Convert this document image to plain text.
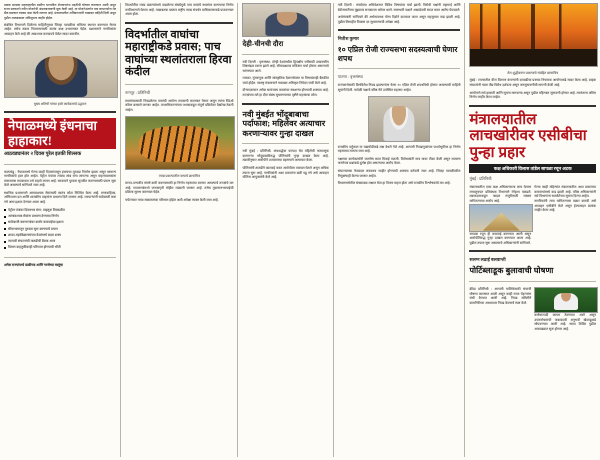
ठळक बातम्या महाराष्ट्रातील ग्रामीण भागातील शेतकऱ्यांना मदतीची घोषणा करण्यात आली असून राज्य सरकारने नवीन योजनेची अंमलबजावणी सुरू केली आहे. या योजनेअंतर्गत पात्र लाभार्थ्यांना थेट बँक खात्यात रक्कम जमा केली जाणार आहे. मंत्रालयातील अधिकाऱ्यांनी याबाबत माहिती दिली असून पुढील आठवड्यात अधिसूचना जाहीर होईल.
संबंधित विभागाने दिलेल्या माहितीनुसार जिल्हा पातळीवर समित्या स्थापन करण्यात येणार आहेत. तसेच तक्रार निवारणासाठी स्वतंत्र कक्ष उभारण्यात येईल. प्रशासनाने नागरिकांना आवाहन केले आहे की आवश्यक कागदपत्रे वेळेत सादर करावीत.
मुख्य अतिथी यांच्या हस्ते कार्यक्रमाचे उद्घाटन
नेपाळमध्ये इंधनाचा हाहाकार!
आठवड्यानंतर २ दिवस पुरेल इतकी शिल्लक
काठमांडू : नेपाळमध्ये गेल्या काही दिवसांपासून इंधनाचा तुटवडा निर्माण झाला असून सामान्य नागरिकांचे हाल होत आहेत. पेट्रोल पंपांवर लांबच लांब रांगा लागल्या असून वाहनचालकांना तासनतास ताटकळत उभे राहावे लागत आहे. सरकारने पुरवठा सुरळीत करण्यासाठी प्रयत्न सुरू केले असल्याचे सांगितले जात आहे.
स्थानिक प्रशासनाने अत्यावश्यक सेवांसाठी स्वतंत्र कोटा निश्चित केला आहे. रुग्णवाहिका, अग्निशमन दल आणि शासकीय वाहनांना प्राधान्य दिले जाणार आहे. व्यापाऱ्यांनी साठेबाजी करू नये असा इशारा देण्यात आला आहे.
पेट्रोल पंपांवर दिवसभर रांगा; वाहतूक विस्कळीत
अत्यावश्यक सेवांना प्राधान्य देण्याचा निर्णय
साठेबाजी करणाऱ्यांवर कठोर कारवाईचा इशारा
सीमाभागातून पुरवठा सुरू करण्याचे प्रयत्न
शाळा-महाविद्यालयांच्या वेळांमध्ये बदल शक्य
व्यापारी संघटनांची तातडीची बैठक आज
विमान वाहतुकीवरही परिणाम होण्याची भीती
अनेक राज्यांमध्ये डाळीच्या आणि गरजेच्या वस्तूंचा
विदर्भातील व्याघ्र प्रकल्पांमध्ये वाढलेल्या संख्येमुळे पाच वाघांचे स्थलांतर करण्याचा निर्णय वनविभागाने घेतला आहे. याबाबतचा प्रस्ताव राष्ट्रीय व्याघ्र संवर्धन प्राधिकरणाकडे पाठवण्यात आला होता.
विदर्भातील वाघांचा महाराष्ट्रीकडे प्रवास; पाच वाघांच्या स्थलांतराला हिरवा कंदील
नागपूर : प्रतिनिधी
स्थलांतरासाठी निवडलेल्या वाघांची आरोग्य तपासणी करण्यात येणार असून त्यांना रेडिओ कॉलर बसवले जाणार आहेत. वनअधिकाऱ्यांच्या पथकाकडून संपूर्ण प्रक्रियेवर देखरेख ठेवली जाईल.
व्याघ्र प्रकल्पातील वाघाचे छायाचित्र
मानव-वन्यजीव संघर्ष कमी करण्यासाठी हा निर्णय महत्त्वाचा ठरणार असल्याचे तज्ज्ञांचे मत आहे. गावकऱ्यांमध्ये जनजागृती मोहीम राबवली जाणार आहे. तसेच नुकसानभरपाईची प्रक्रिया सुलभ करण्यात येईल.
पर्यटनावर याचा सकारात्मक परिणाम होईल अशी अपेक्षा व्यक्त केली जात आहे.
देही-चीनची दौरा
नवी दिल्ली : वृत्तसंस्था. दोन्ही देशांमधील द्विपक्षीय चर्चेसाठी उच्चस्तरीय शिष्टमंडळ रवाना झाले आहे. सीमाप्रश्नावर सविस्तर चर्चा होणार असल्याचे सांगण्यात आले.
व्यापार, गुंतवणूक आणि सांस्कृतिक देवाणघेवाण या विषयांवरही बैठकीत चर्चा होईल. परराष्ट्र मंत्रालयाने याबाबत अधिकृत निवेदन जारी केले आहे.
दौऱ्यादरम्यान अनेक सामंजस्य करारांवर स्वाक्षऱ्या होण्याची शक्यता आहे. तज्ज्ञांच्या मते हा दौरा संबंध सुधारण्याच्या दृष्टीने महत्त्वाचा ठरेल.
नवी मुंबईत भोंदूबाबाचा पर्दाफाश; महिलेवर अत्याचार करणाऱ्यावर गुन्हा दाखल
नवी मुंबई : प्रतिनिधी. अंधश्रद्धेचा फायदा घेत महिलेची फसवणूक करणाऱ्या भोंदूबाबाविरुद्ध पोलिसांनी गुन्हा दाखल केला आहे. तक्रारीनुसार आरोपीने उपचाराच्या बहाण्याने अत्याचार केला.
पोलिसांनी तातडीने कारवाई करत आरोपीला ताब्यात घेतले असून अधिक तपास सुरू आहे. नागरिकांनी अशा प्रकारांना बळी पडू नये असे आवाहन पोलिस आयुक्तांनी केले आहे.
नवी दिल्ली : संसदेच्या अधिवेशनात विविध विषयांवर चर्चा झाली. विरोधी पक्षांनी महागाई आणि बेरोजगारीच्या मुद्द्यावर सरकारला धारेवर धरले. सत्ताधारी पक्षाने आकडेवारी सादर करत आरोप फेटाळले.
अर्थमंत्र्यांनी सांगितले की अर्थव्यवस्था योग्य दिशेने वाटचाल करत असून महसुलात वाढ झाली आहे. पुढील तिमाहीत विकास दर सुधारण्याची अपेक्षा आहे.
नितीश कुमार
१० एप्रिल रोजी राज्यसभा सदस्यत्वाची घेणार शपथ
पाटणा : वृत्तसंस्था
राज्यसभेसाठी बिनविरोध निवड झाल्यानंतर येत्या १० एप्रिल रोजी शपथविधी होणार असल्याची माहिती सूत्रांनी दिली. यावेळी पक्षाचे वरिष्ठ नेते उपस्थित राहणार आहेत.
राजकीय वर्तुळात या घडामोडीकडे लक्ष वेधले गेले आहे. आगामी निवडणुकांच्या पार्श्वभूमीवर हा निर्णय महत्त्वाचा मानला जात आहे.
पक्षाच्या कार्यकर्त्यांनी जल्लोष करत मिठाई वाटली. विरोधकांनी मात्र यावर टीका केली असून सामान्य जनतेच्या प्रश्नांकडे दुर्लक्ष होत असल्याचा आरोप केला.
संघटनात्मक फेरबदल लवकरच जाहीर होण्याची शक्यता वर्तवली जात आहे. जिल्हा पातळीवरील नियुक्त्याही केल्या जाणार आहेत.
विधानसभेतील संख्याबळ लक्षात घेता हा विजय सहज होता असे राजकीय विश्लेषकांचे मत आहे.
तेल शुद्धीकरण प्रकल्पाचे संग्रहित छायाचित्र
मुंबई : राज्यातील वीज वितरण कंपन्यांनी दरवाढीचा प्रस्ताव नियामक आयोगाकडे सादर केला आहे. ग्राहक संघटनांनी याला तीव्र विरोध दर्शवला असून जनसुनावणीची मागणी केली आहे.
आयोगाने सर्व हरकती आणि सूचना मागवल्या असून पुढील महिन्यात सुनावणी होणार आहे. त्यानंतरच अंतिम निर्णय जाहीर केला जाईल.
मंत्रालयातील लाचखोरीवर एसीबीचा पुन्हा प्रहार
कक्ष अधिकारी विलास तांडेल सापळा रचून अटक
मुंबई : प्रतिनिधी
मंत्रालयातील एका कक्ष अधिकाऱ्याला लाच घेताना लाचलुचपत प्रतिबंधक विभागाने रंगेहाथ पकडले. तक्रारदाराकडून फाइल मंजुरीसाठी रक्कम मागितल्याचा आरोप आहे.
सापळा रचून ही कारवाई करण्यात आली असून आरोपीविरुद्ध गुन्हा दाखल करण्यात आला आहे. पुढील तपास सुरू असल्याचे अधिकाऱ्यांनी सांगितले.
गेल्या काही महिन्यांत मंत्रालयातील अशा प्रकारच्या कारवायांमध्ये वाढ झाली आहे. वरिष्ठ अधिकाऱ्यांनी सर्व विभागांना सतर्कतेच्या सूचना दिल्या आहेत.
नागरिकांनी लाच मागितल्यास तक्रार करावी असे आवाहन एसीबीने केले असून हेल्पलाइन क्रमांक जाहीर केला आहे.
सलग्न लढाई बलवान्ती
पोर्टिब्लाडूक बुलावाची घोषणा
क्रीडा प्रतिनिधी : आगामी मालिकेसाठी संघाची घोषणा करण्यात आली असून काही नव्या चेहऱ्यांना संधी देण्यात आली आहे. निवड समितीने कामगिरीच्या आधारावर निवड केल्याचे स्पष्ट केले.
कर्णधारपदी कायम ठेवण्यात आले असून उपकर्णधाराची जबाबदारी अनुभवी खेळाडूकडे सोपवण्यात आली आहे. सराव शिबिर पुढील आठवड्यात सुरू होणार आहे.
